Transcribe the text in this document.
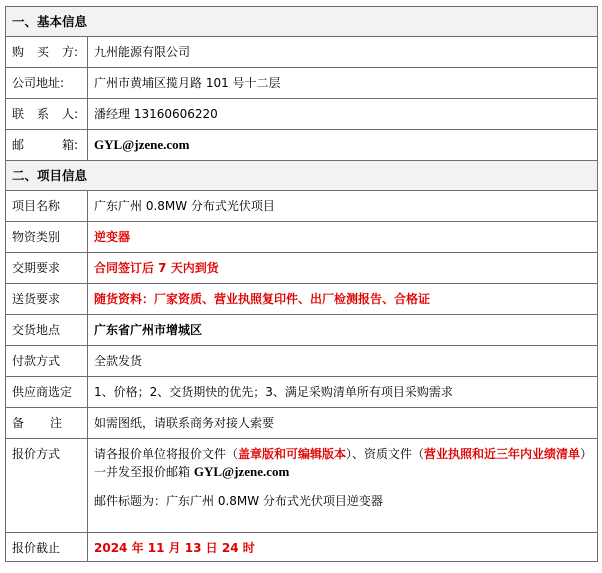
一、基本信息	

购 买 方:	九州能源有限公司
公司地址:	广州市黄埔区揽月路 101 号十二层

联 系 人:	潘经理 13160606220

邮 箱:	GYL@jzene.com
二、项目信息	
项目名称	广东广州 0.8MW 分布式光伏项目
物资类别	逆变器
交期要求	合同签订后 7 天内到货
送货要求	随货资料：厂家资质、营业执照复印件、出厂检测报告、合格证
交货地点	广东省广州市增城区
付款方式	全款发货
供应商选定	1、价格；2、交货期快的优先；3、满足采购清单所有项目采购需求

备 注	如需图纸，请联系商务对接人索要
报价方式	请各报价单位将报价文件（盖章版和可编辑版本）、资质文件（营业执照和近三年内业绩清单）一并发至报价邮箱 GYL@jzene.com

邮件标题为：广东广州 0.8MW 分布式光伏项目逆变器

报价截止	2024 年 11 月 13 日 24 时
